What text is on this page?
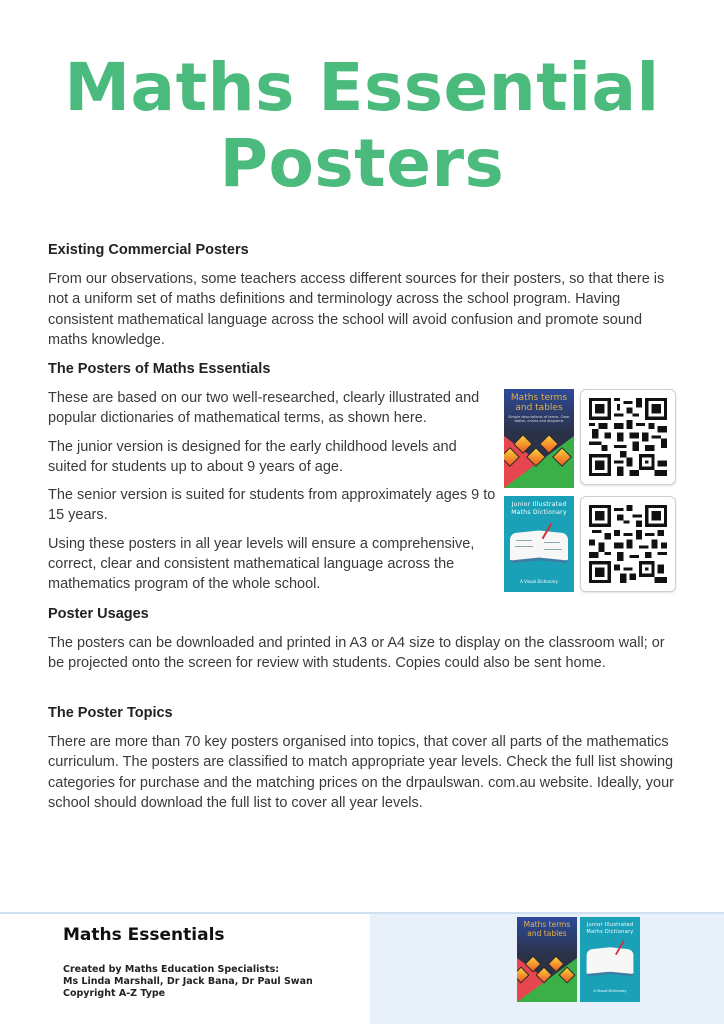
Maths Essential
Posters
Existing Commercial Posters
From our observations, some teachers access different sources for their posters, so that there is not a uniform set of maths definitions and terminology across the school program. Having consistent mathematical language across the school will avoid confusion and promote sound maths knowledge.
The Posters of Maths Essentials
These are based on our two well-researched, clearly illustrated and popular dictionaries of mathematical terms, as shown here.
The junior version is designed for the early childhood levels and suited for students up to about 9 years of age.
The senior version is suited for students from approximately ages 9 to 15 years.
Using these posters in all year levels will ensure a comprehensive, correct, clear and consistent mathematical language across the mathematics program of the whole school.
Maths terms and tables
Simple descriptions of terms. Clear tables, charts and diagrams
Junior Illustrated Maths Dictionary
A Visual Dictionary
Poster Usages
The posters can be downloaded and printed in A3 or A4 size to display on the classroom wall; or be projected onto the screen for review with students. Copies could also be sent home.
The Poster Topics
There are more than 70 key posters organised into topics, that cover all parts of the mathematics curriculum. The posters are classified to match appropriate year levels. Check the full list showing categories for purchase and the matching prices on the drpaulswan. com.au website. Ideally, your school should download the full list to cover all year levels.
Maths Essentials
Created by Maths Education Specialists:
Ms Linda Marshall, Dr Jack Bana, Dr Paul Swan
Copyright A-Z Type
Maths terms and tables
Junior Illustrated Maths Dictionary
A Visual Dictionary
